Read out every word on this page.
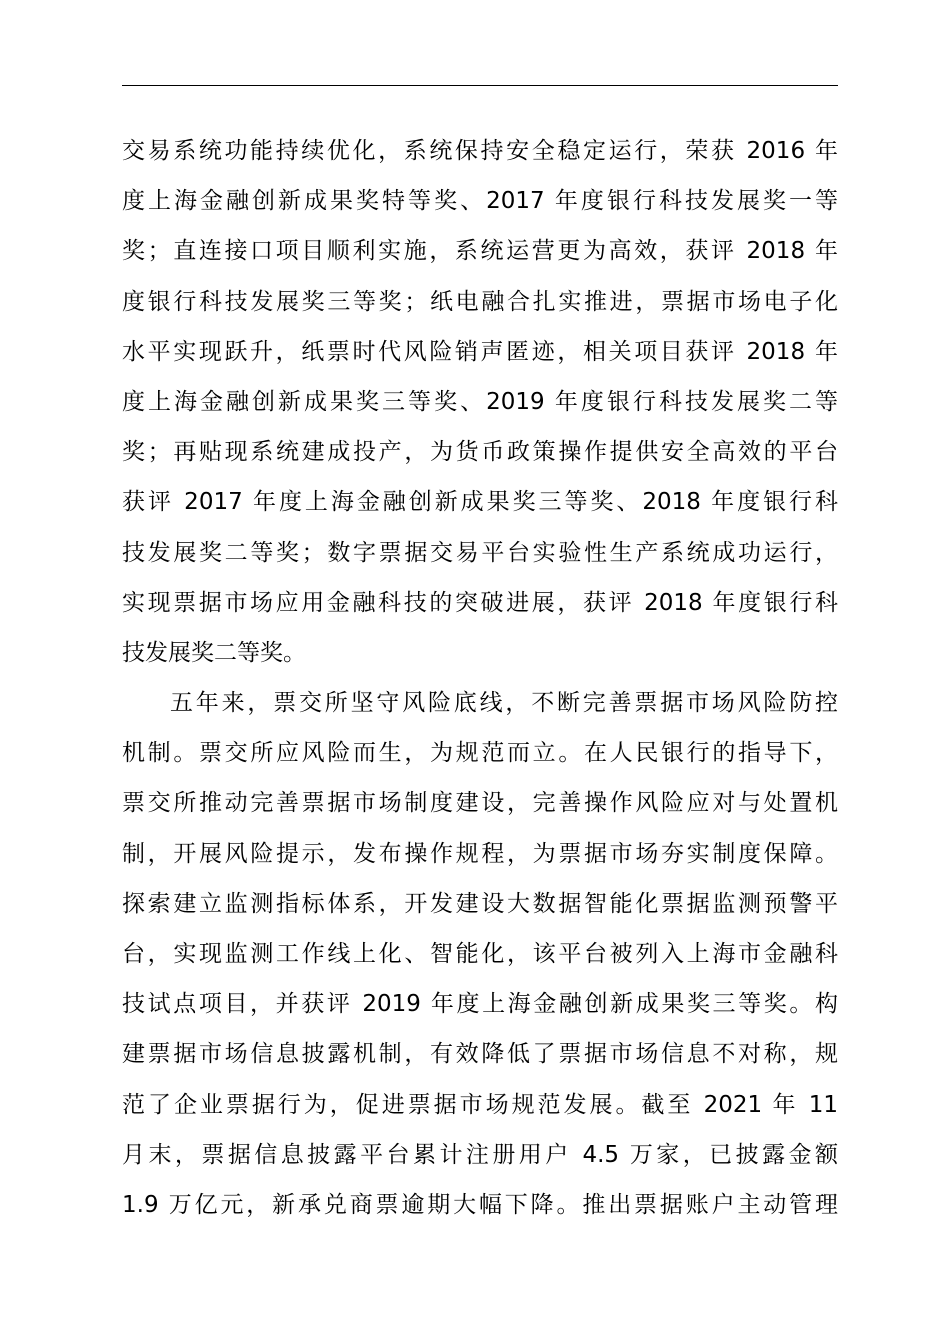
交易系统功能持续优化，系统保持安全稳定运行，荣获 2016 年
度上海金融创新成果奖特等奖、2017 年度银行科技发展奖一等
奖；直连接口项目顺利实施，系统运营更为高效，获评 2018 年
度银行科技发展奖三等奖；纸电融合扎实推进，票据市场电子化
水平实现跃升，纸票时代风险销声匿迹，相关项目获评 2018 年
度上海金融创新成果奖三等奖、2019 年度银行科技发展奖二等
奖；再贴现系统建成投产，为货币政策操作提供安全高效的平台
获评 2017 年度上海金融创新成果奖三等奖、2018 年度银行科
技发展奖二等奖；数字票据交易平台实验性生产系统成功运行，
实现票据市场应用金融科技的突破进展，获评 2018 年度银行科
技发展奖二等奖。
五年来，票交所坚守风险底线，不断完善票据市场风险防控
机制。票交所应风险而生，为规范而立。在人民银行的指导下，
票交所推动完善票据市场制度建设，完善操作风险应对与处置机
制，开展风险提示，发布操作规程，为票据市场夯实制度保障。
探索建立监测指标体系，开发建设大数据智能化票据监测预警平
台，实现监测工作线上化、智能化，该平台被列入上海市金融科
技试点项目，并获评 2019 年度上海金融创新成果奖三等奖。构
建票据市场信息披露机制，有效降低了票据市场信息不对称，规
范了企业票据行为，促进票据市场规范发展。截至 2021 年 11
月末，票据信息披露平台累计注册用户 4.5 万家，已披露金额
1.9 万亿元，新承兑商票逾期大幅下降。推出票据账户主动管理
